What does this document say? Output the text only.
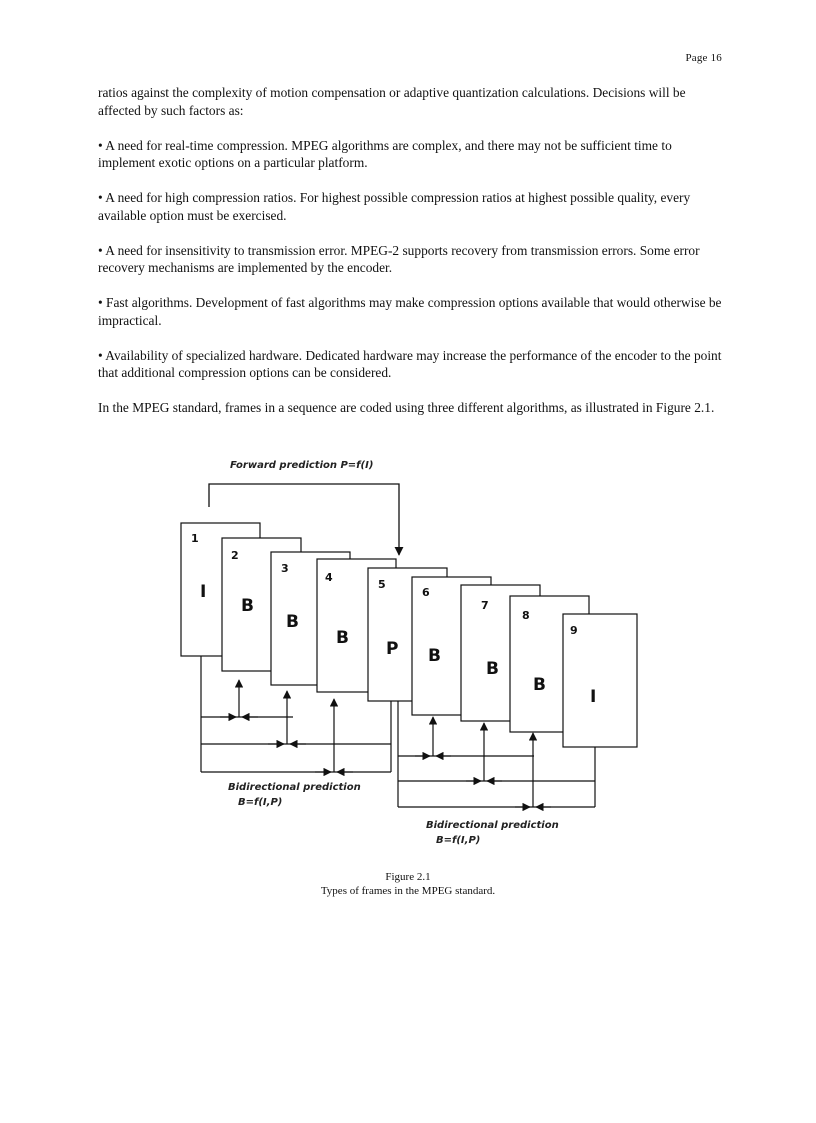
Page 16

ratios against the complexity of motion compensation or adaptive quantization calculations. Decisions will be affected by such factors as:

• A need for real-time compression. MPEG algorithms are complex, and there may not be sufficient time to implement exotic options on a particular platform.

• A need for high compression ratios. For highest possible compression ratios at highest possible quality, every available option must be exercised.

• A need for insensitivity to transmission error. MPEG-2 supports recovery from transmission errors. Some error recovery mechanisms are implemented by the encoder.

• Fast algorithms. Development of fast algorithms may make compression options available that would otherwise be impractical.

• Availability of specialized hardware. Dedicated hardware may increase the performance of the encoder to the point that additional compression options can be considered.

In the MPEG standard, frames in a sequence are coded using three different algorithms, as illustrated in Figure 2.1.

Forward prediction P=f(I)
1
I
2
B
3
B
4
B
5
P
6
B
7
B
8
B
9
I
Bidirectional prediction
B=f(I,P)
Bidirectional prediction
B=f(I,P)
Figure 2.1
Types of frames in the MPEG standard.
